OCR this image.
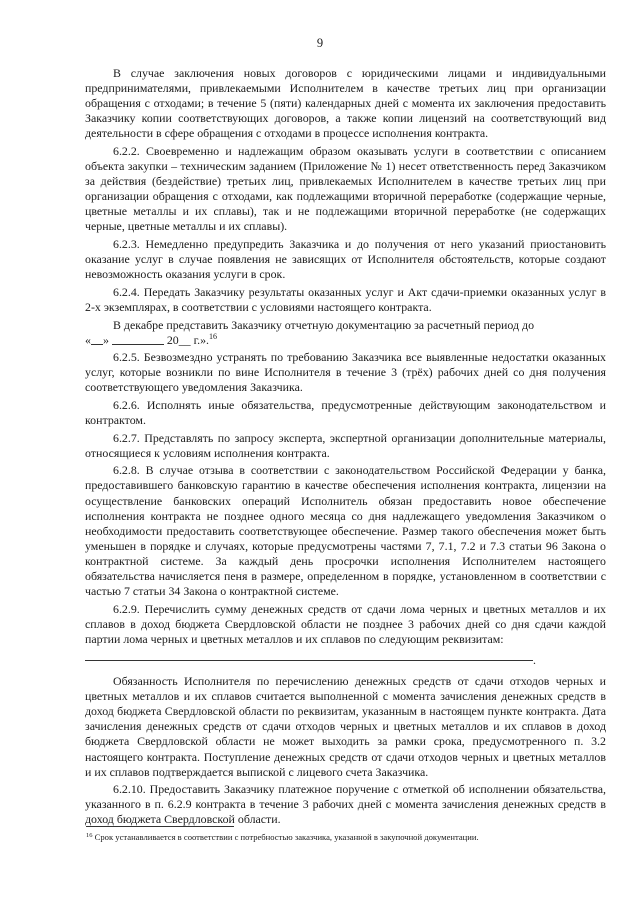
9

В случае заключения новых договоров с юридическими лицами и индивидуальными предпринимателями, привлекаемыми Исполнителем в качестве третьих лиц при организации обращения с отходами; в течение 5 (пяти) календарных дней с момента их заключения предоставить Заказчику копии соответствующих договоров, а также копии лицензий на соответствующий вид деятельности в сфере обращения с отходами в процессе исполнения контракта.

6.2.2. Своевременно и надлежащим образом оказывать услуги в соответствии с описанием объекта закупки – техническим заданием (Приложение № 1) несет ответственность перед Заказчиком за действия (бездействие) третьих лиц, привлекаемых Исполнителем в качестве третьих лиц при организации обращения с отходами, как подлежащими вторичной переработке (содержащие черные, цветные металлы и их сплавы), так и не подлежащими вторичной переработке (не содержащих черные, цветные металлы и их сплавы).

6.2.3. Немедленно предупредить Заказчика и до получения от него указаний приостановить оказание услуг в случае появления не зависящих от Исполнителя обстоятельств, которые создают невозможность оказания услуги в срок.

6.2.4. Передать Заказчику результаты оказанных услуг и Акт сдачи-приемки оказанных услуг в 2-х экземплярах, в соответствии с условиями настоящего контракта.

В декабре представить Заказчику отчетную документацию за расчетный период до
« »	20__ г.».$^{16}$

6.2.5. Безвозмездно устранять по требованию Заказчика все выявленные недостатки оказанных услуг, которые возникли по вине Исполнителя в течение 3 (трёх) рабочих дней со дня получения соответствующего уведомления Заказчика.

6.2.6. Исполнять иные обязательства, предусмотренные действующим законодательством и контрактом.

6.2.7. Представлять по запросу эксперта, экспертной организации дополнительные материалы, относящиеся к условиям исполнения контракта.

6.2.8. В случае отзыва в соответствии с законодательством Российской Федерации у банка, предоставившего банковскую гарантию в качестве обеспечения исполнения контракта, лицензии на осуществление банковских операций Исполнитель обязан предоставить новое обеспечение исполнения контракта не позднее одного месяца со дня надлежащего уведомления Заказчиком о необходимости предоставить соответствующее обеспечение. Размер такого обеспечения может быть уменьшен в порядке и случаях, которые предусмотрены частями 7, 7.1, 7.2 и 7.3 статьи 96 Закона о контрактной системе. За каждый день просрочки исполнения Исполнителем настоящего обязательства начисляется пеня в размере, определенном в порядке, установленном в соответствии с частью 7 статьи 34 Закона о контрактной системе.

6.2.9. Перечислить сумму денежных средств от сдачи лома черных и цветных металлов и их сплавов в доход бюджета Свердловской области не позднее 3 рабочих дней со дня сдачи каждой партии лома черных и цветных металлов и их сплавов по следующим реквизитам:

.

Обязанность Исполнителя по перечислению денежных средств от сдачи отходов черных и цветных металлов и их сплавов считается выполненной с момента зачисления денежных средств в доход бюджета Свердловской области по реквизитам, указанным в настоящем пункте контракта. Дата зачисления денежных средств от сдачи отходов черных и цветных металлов и их сплавов в доход бюджета Свердловской области не может выходить за рамки срока, предусмотренного п. 3.2 настоящего контракта. Поступление денежных средств от сдачи отходов черных и цветных металлов и их сплавов подтверждается выпиской с лицевого счета Заказчика.

6.2.10. Предоставить Заказчику платежное поручение с отметкой об исполнении обязательства, указанного в п. 6.2.9 контракта в течение 3 рабочих дней с момента зачисления денежных средств в доход бюджета Свердловской области.

$^{16}$ Срок устанавливается в соответствии с потребностью заказчика, указанной в закупочной документации.
